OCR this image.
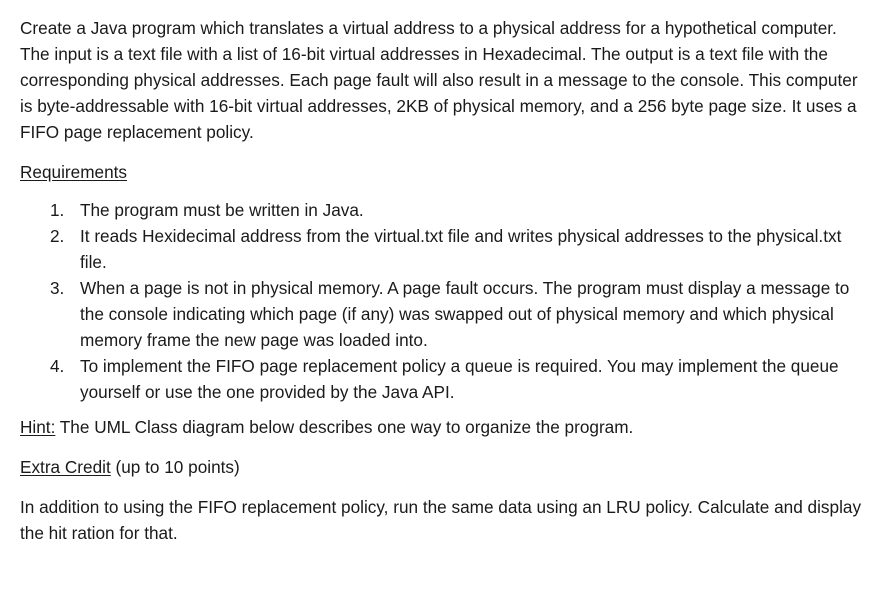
Create a Java program which translates a virtual address to a physical address for a hypothetical computer. The input is a text file with a list of 16-bit virtual addresses in Hexadecimal. The output is a text file with the corresponding physical addresses. Each page fault will also result in a message to the console. This computer is byte-addressable with 16-bit virtual addresses, 2KB of physical memory, and a 256 byte page size. It uses a FIFO page replacement policy.

Requirements

1. The program must be written in Java.
2. It reads Hexidecimal address from the virtual.txt file and writes physical addresses to the physical.txt file.
3. When a page is not in physical memory. A page fault occurs. The program must display a message to the console indicating which page (if any) was swapped out of physical memory and which physical memory frame the new page was loaded into.
4. To implement the FIFO page replacement policy a queue is required. You may implement the queue yourself or use the one provided by the Java API.

Hint: The UML Class diagram below describes one way to organize the program.

Extra Credit (up to 10 points)

In addition to using the FIFO replacement policy, run the same data using an LRU policy. Calculate and display the hit ration for that.
